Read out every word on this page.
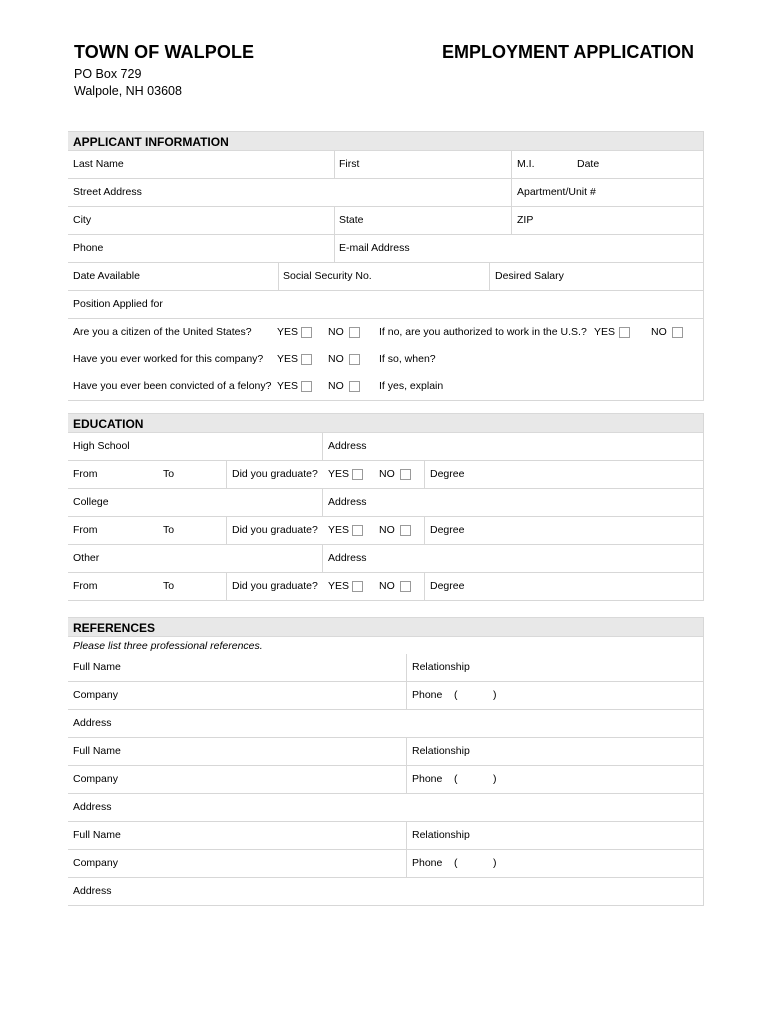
TOWN OF WALPOLE
PO Box 729
Walpole, NH 03608
EMPLOYMENT APPLICATION
APPLICANT INFORMATION
Last Name	First	M.I.	Date
Street Address	Apartment/Unit #
City	State	ZIP
Phone	E-mail Address
Date Available	Social Security No.	Desired Salary
Position Applied for
Are you a citizen of the United States? YES	NO	If no, are you authorized to work in the U.S.? YES	NO
Have you ever worked for this company? YES	NO	If so, when?
Have you ever been convicted of a felony? YES	NO	If yes, explain
EDUCATION
High School	Address
From	To	Did you graduate? YES	NO	Degree
College	Address
From	To	Did you graduate? YES	NO	Degree
Other	Address
From	To	Did you graduate? YES	NO	Degree
REFERENCES
Please list three professional references.
Full Name	Relationship
Company	Phone (	)
Address
Full Name	Relationship
Company	Phone (	)
Address
Full Name	Relationship
Company	Phone (	)
Address
